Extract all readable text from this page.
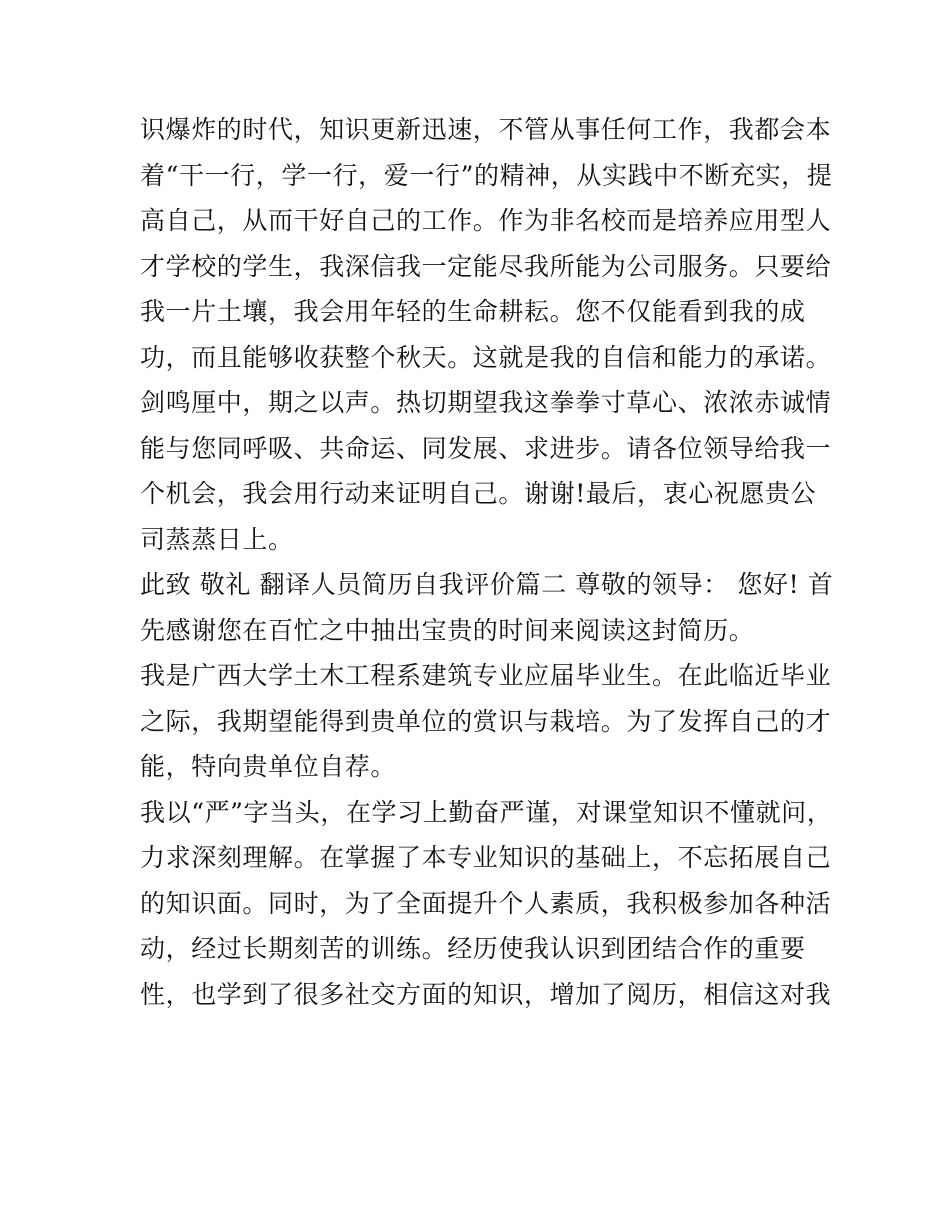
识爆炸的时代，知识更新迅速，不管从事任何工作，我都会本
着“干一行，学一行，爱一行”的精神，从实践中不断充实，提
高自己，从而干好自己的工作。作为非名校而是培养应用型人
才学校的学生，我深信我一定能尽我所能为公司服务。只要给
我一片土壤，我会用年轻的生命耕耘。您不仅能看到我的成
功，而且能够收获整个秋天。这就是我的自信和能力的承诺。
剑鸣厘中，期之以声。热切期望我这拳拳寸草心、浓浓赤诚情
能与您同呼吸、共命运、同发展、求进步。请各位领导给我一
个机会，我会用行动来证明自己。谢谢!最后，衷心祝愿贵公
司蒸蒸日上。
此致 敬礼 翻译人员简历自我评价篇二 尊敬的领导： 您好! 首
先感谢您在百忙之中抽出宝贵的时间来阅读这封简历。
我是广西大学土木工程系建筑专业应届毕业生。在此临近毕业
之际，我期望能得到贵单位的赏识与栽培。为了发挥自己的才
能，特向贵单位自荐。
我以“严”字当头，在学习上勤奋严谨，对课堂知识不懂就问，
力求深刻理解。在掌握了本专业知识的基础上，不忘拓展自己
的知识面。同时，为了全面提升个人素质，我积极参加各种活
动，经过长期刻苦的训练。经历使我认识到团结合作的重要
性，也学到了很多社交方面的知识，增加了阅历，相信这对我
